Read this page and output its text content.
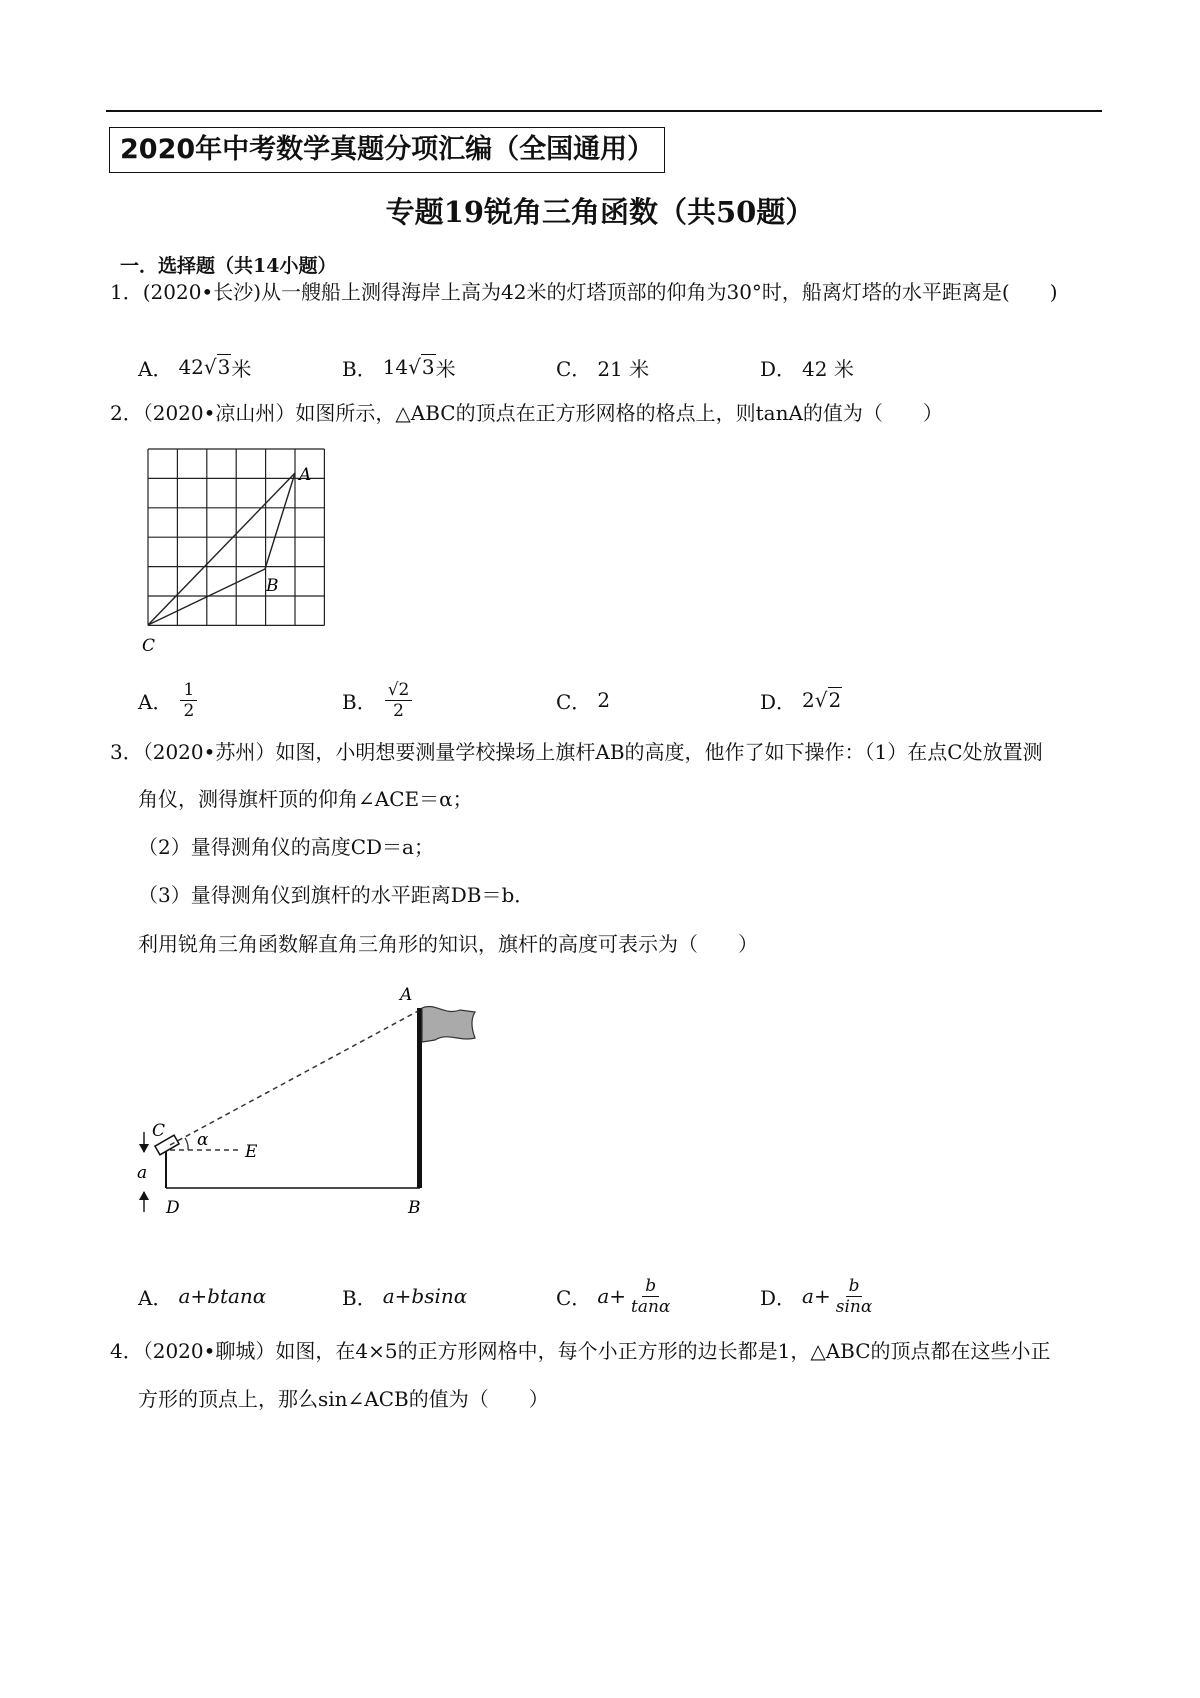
2020年中考数学真题分项汇编（全国通用）
专题19锐角三角函数（共50题）
一．选择题（共14小题）
1．(2020•长沙)从一艘船上测得海岸上高为42米的灯塔顶部的仰角为30°时，船离灯塔的水平距离是(　　)
A． 42 √3 米	B． 14 √3 米	C． 21 米	D． 42 米
2．（2020•凉山州）如图所示，△ABC的顶点在正方形网格的格点上，则tanA的值为（　　）
A
B
C
A． $\frac{1}{2}$	B． $\frac{√2}{2}$	C． 2	D． 2 √2
3．（2020•苏州）如图，小明想要测量学校操场上旗杆AB的高度，他作了如下操作：（1）在点C处放置测
角仪，测得旗杆顶的仰角∠ACE＝α；
（2）量得测角仪的高度CD＝a；
（3）量得测角仪到旗杆的水平距离DB＝b．
利用锐角三角函数解直角三角形的知识，旗杆的高度可表示为（　　）
A
B
C
D
E
α
a
A． a+btanα	B． a+bsinα	C． $a+ \frac{b}{\tan\alpha}$	D． $a+ \frac{b}{\sin\alpha}$
4．（2020•聊城）如图，在4×5的正方形网格中，每个小正方形的边长都是1，△ABC的顶点都在这些小正
方形的顶点上，那么sin∠ACB的值为（　　）
